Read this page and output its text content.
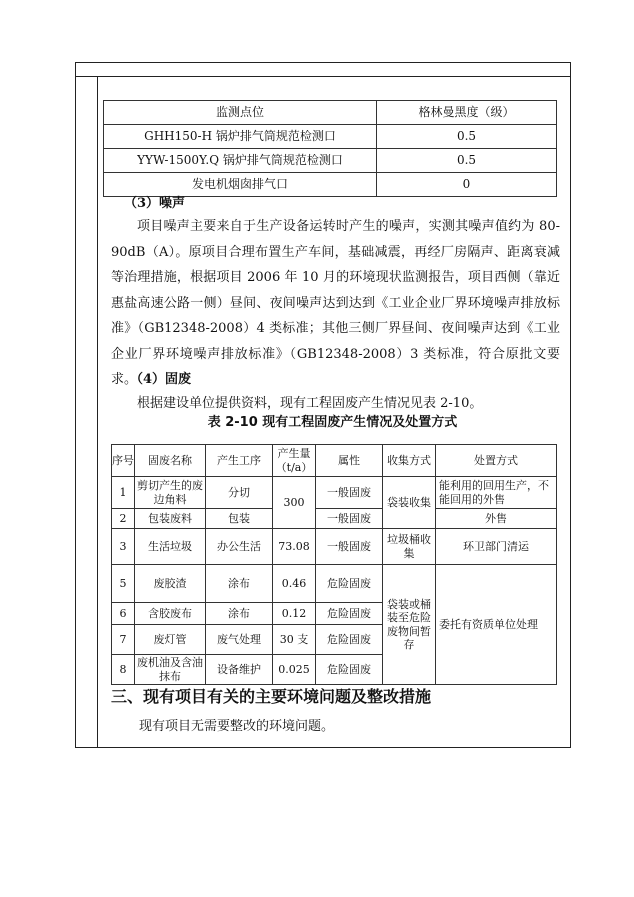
监测点位	格林曼黑度（级）
GHH150-H 锅炉排气筒规范检测口	0.5
YYW-1500Y.Q 锅炉排气筒规范检测口	0.5
发电机烟囱排气口	0
（3）噪声
项目噪声主要来自于生产设备运转时产生的噪声，实测其噪声值约为 80-90dB（A）。原项目合理布置生产车间，基础减震，再经厂房隔声、距离衰减等治理措施，根据项目 2006 年 10 月的环境现状监测报告，项目西侧（靠近惠盐高速公路一侧）昼间、夜间噪声达到达到《工业企业厂界环境噪声排放标准》（GB12348-2008）4 类标准；其他三侧厂界昼间、夜间噪声达到《工业企业厂界环境噪声排放标准》（GB12348-2008）3 类标准，符合原批文要求。
（4）固废
根据建设单位提供资料，现有工程固废产生情况见表 2-10。
表 2-10 现有工程固废产生情况及处置方式
序号	固废名称	产生工序	产生量（t/a）	属性	收集方式	处置方式
1	剪切产生的废边角料	分切	300	一般固废	袋装收集	能利用的回用生产，不能回用的外售
2	包装废料	包装		一般固废		外售
3	生活垃圾	办公生活	73.08	一般固废	垃圾桶收集	环卫部门清运
5	废胶渣	涂布	0.46	危险固废	袋装或桶装至危险废物间暂存	委托有资质单位处理
6	含胶废布	涂布	0.12	危险固废		
7	废灯管	废气处理	30 支	危险固废		
8	废机油及含油抹布	设备维护	0.025	危险固废		
三、现有项目有关的主要环境问题及整改措施
现有项目无需要整改的环境问题。
